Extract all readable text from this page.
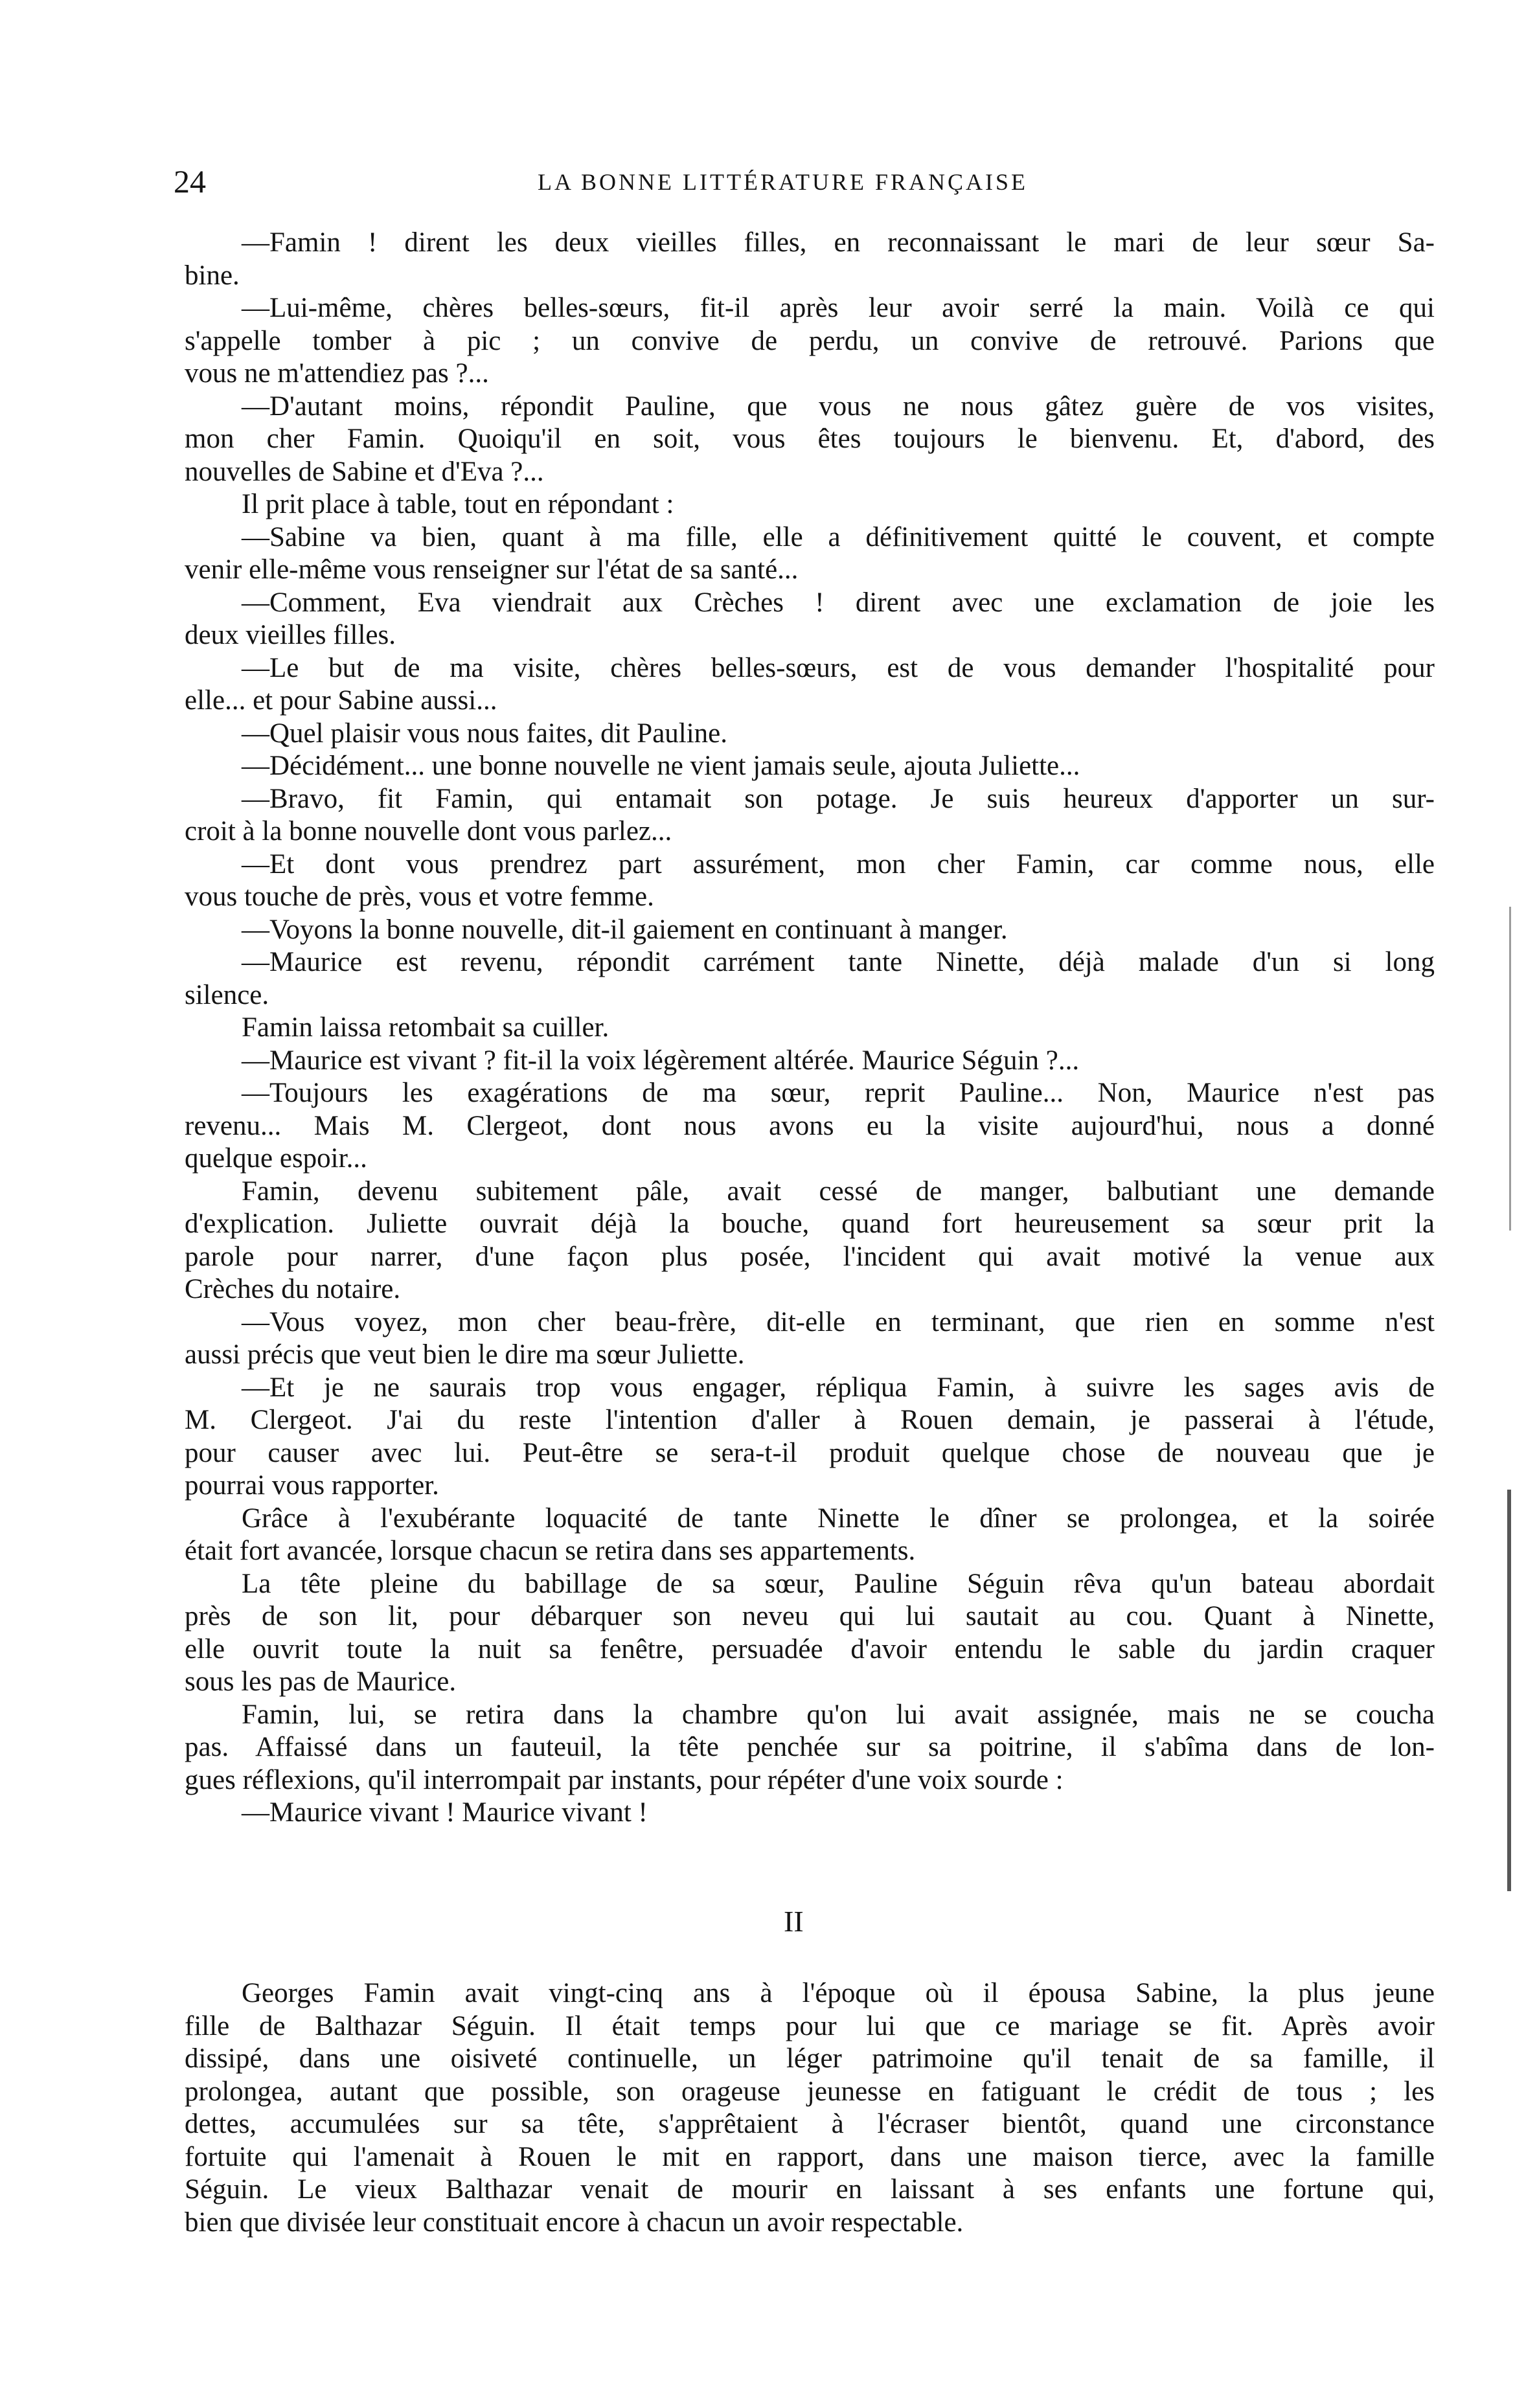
24	LA BONNE LITTÉRATURE FRANÇAISE
—Famin ! dirent les deux vieilles filles, en reconnaissant le mari de leur sœur Sa-
bine.
—Lui-même, chères belles-sœurs, fit-il après leur avoir serré la main. Voilà ce qui
s'appelle tomber à pic ; un convive de perdu, un convive de retrouvé. Parions que
vous ne m'attendiez pas ?...
—D'autant moins, répondit Pauline, que vous ne nous gâtez guère de vos visites,
mon cher Famin. Quoiqu'il en soit, vous êtes toujours le bienvenu. Et, d'abord, des
nouvelles de Sabine et d'Eva ?...
Il prit place à table, tout en répondant :
—Sabine va bien, quant à ma fille, elle a définitivement quitté le couvent, et compte
venir elle-même vous renseigner sur l'état de sa santé...
—Comment, Eva viendrait aux Crèches ! dirent avec une exclamation de joie les
deux vieilles filles.
—Le but de ma visite, chères belles-sœurs, est de vous demander l'hospitalité pour
elle... et pour Sabine aussi...
—Quel plaisir vous nous faites, dit Pauline.
—Décidément... une bonne nouvelle ne vient jamais seule, ajouta Juliette...
—Bravo, fit Famin, qui entamait son potage. Je suis heureux d'apporter un sur-
croit à la bonne nouvelle dont vous parlez...
—Et dont vous prendrez part assurément, mon cher Famin, car comme nous, elle
vous touche de près, vous et votre femme.
—Voyons la bonne nouvelle, dit-il gaiement en continuant à manger.
—Maurice est revenu, répondit carrément tante Ninette, déjà malade d'un si long
silence.
Famin laissa retombait sa cuiller.
—Maurice est vivant ? fit-il la voix légèrement altérée. Maurice Séguin ?...
—Toujours les exagérations de ma sœur, reprit Pauline... Non, Maurice n'est pas
revenu... Mais M. Clergeot, dont nous avons eu la visite aujourd'hui, nous a donné
quelque espoir...
Famin, devenu subitement pâle, avait cessé de manger, balbutiant une demande
d'explication. Juliette ouvrait déjà la bouche, quand fort heureusement sa sœur prit la
parole pour narrer, d'une façon plus posée, l'incident qui avait motivé la venue aux
Crèches du notaire.
—Vous voyez, mon cher beau-frère, dit-elle en terminant, que rien en somme n'est
aussi précis que veut bien le dire ma sœur Juliette.
—Et je ne saurais trop vous engager, répliqua Famin, à suivre les sages avis de
M. Clergeot. J'ai du reste l'intention d'aller à Rouen demain, je passerai à l'étude,
pour causer avec lui. Peut-être se sera-t-il produit quelque chose de nouveau que je
pourrai vous rapporter.
Grâce à l'exubérante loquacité de tante Ninette le dîner se prolongea, et la soirée
était fort avancée, lorsque chacun se retira dans ses appartements.
La tête pleine du babillage de sa sœur, Pauline Séguin rêva qu'un bateau abordait
près de son lit, pour débarquer son neveu qui lui sautait au cou. Quant à Ninette,
elle ouvrit toute la nuit sa fenêtre, persuadée d'avoir entendu le sable du jardin craquer
sous les pas de Maurice.
Famin, lui, se retira dans la chambre qu'on lui avait assignée, mais ne se coucha
pas. Affaissé dans un fauteuil, la tête penchée sur sa poitrine, il s'abîma dans de lon-
gues réflexions, qu'il interrompait par instants, pour répéter d'une voix sourde :
—Maurice vivant ! Maurice vivant !
II
Georges Famin avait vingt-cinq ans à l'époque où il épousa Sabine, la plus jeune
fille de Balthazar Séguin. Il était temps pour lui que ce mariage se fit. Après avoir
dissipé, dans une oisiveté continuelle, un léger patrimoine qu'il tenait de sa famille, il
prolongea, autant que possible, son orageuse jeunesse en fatiguant le crédit de tous ; les
dettes, accumulées sur sa tête, s'apprêtaient à l'écraser bientôt, quand une circonstance
fortuite qui l'amenait à Rouen le mit en rapport, dans une maison tierce, avec la famille
Séguin. Le vieux Balthazar venait de mourir en laissant à ses enfants une fortune qui,
bien que divisée leur constituait encore à chacun un avoir respectable.
